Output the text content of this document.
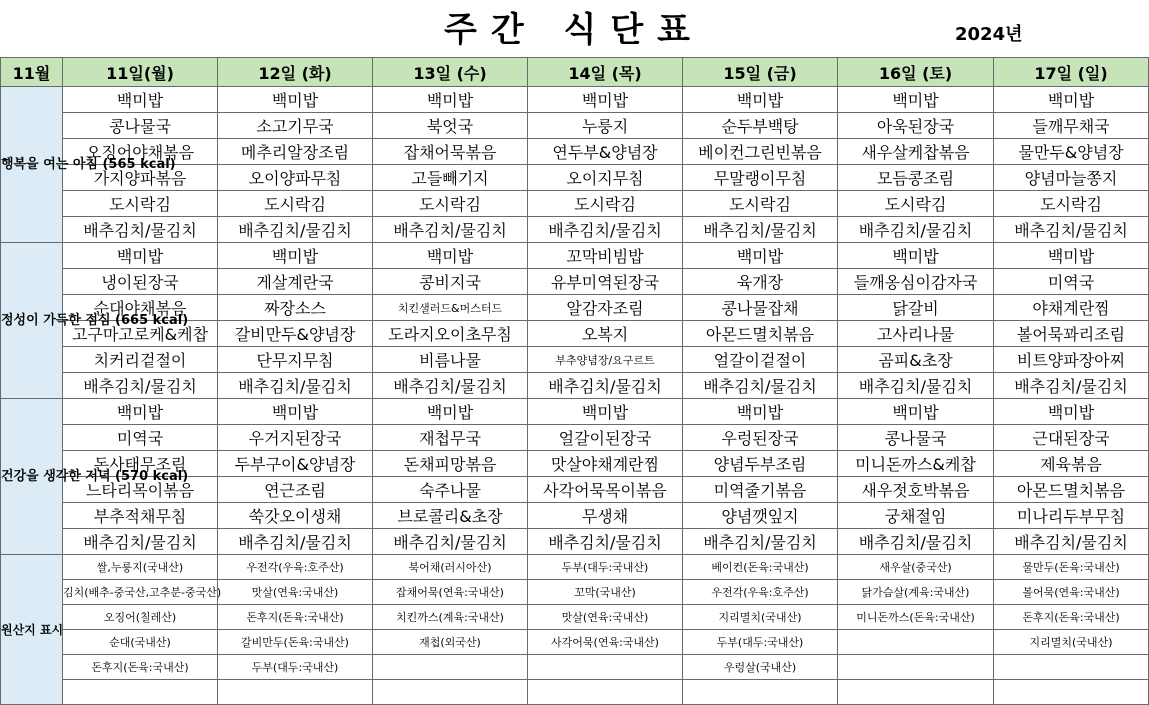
주간 식단표	2024년
11월	11일(월)	12일 (화)	13일 (수)	14일 (목)	15일 (금)	16일 (토)	17일 (일)
행복을 여는 아침 (565 kcal)	백미밥	백미밥	백미밥	백미밥	백미밥	백미밥	백미밥
	콩나물국	소고기무국	북엇국	누룽지	순두부백탕	아욱된장국	들깨무채국
	오징어야채볶음	메추리알장조림	잡채어묵볶음	연두부&양념장	베이컨그린빈볶음	새우살케찹볶음	물만두&양념장
	가지양파볶음	오이양파무침	고들빼기지	오이지무침	무말랭이무침	모듬콩조림	양념마늘쫑지
	도시락김	도시락김	도시락김	도시락김	도시락김	도시락김	도시락김
	배추김치/물김치	배추김치/물김치	배추김치/물김치	배추김치/물김치	배추김치/물김치	배추김치/물김치	배추김치/물김치
정성이 가득한 점심 (665 kcal)	백미밥	백미밥	백미밥	꼬막비빔밥	백미밥	백미밥	백미밥
	냉이된장국	게살계란국	콩비지국	유부미역된장국	육개장	들깨옹심이감자국	미역국
	순대야채볶음	짜장소스	치킨샐러드&머스터드	알감자조림	콩나물잡채	닭갈비	야채계란찜
	고구마고로케&케찹	갈비만두&양념장	도라지오이초무침	오복지	아몬드멸치볶음	고사리나물	볼어묵꽈리조림
	치커리겉절이	단무지무침	비름나물	부추양념장/요구르트	얼갈이겉절이	곰피&초장	비트양파장아찌
	배추김치/물김치	배추김치/물김치	배추김치/물김치	배추김치/물김치	배추김치/물김치	배추김치/물김치	배추김치/물김치
건강을 생각한 저녁 (570 kcal)	백미밥	백미밥	백미밥	백미밥	백미밥	백미밥	백미밥
	미역국	우거지된장국	재첩무국	얼갈이된장국	우렁된장국	콩나물국	근대된장국
	돈사태무조림	두부구이&양념장	돈채피망볶음	맛살야채계란찜	양념두부조림	미니돈까스&케찹	제육볶음
	느타리목이볶음	연근조림	숙주나물	사각어묵목이볶음	미역줄기볶음	새우젓호박볶음	아몬드멸치볶음
	부추적채무침	쑥갓오이생채	브로콜리&초장	무생채	양념깻잎지	궁채절임	미나리두부무침
	배추김치/물김치	배추김치/물김치	배추김치/물김치	배추김치/물김치	배추김치/물김치	배추김치/물김치	배추김치/물김치
원산지 표시	쌀,누룽지(국내산)	우전각(우육:호주산)	북어채(러시아산)	두부(대두:국내산)	베이컨(돈육:국내산)	새우살(중국산)	물만두(돈육:국내산)
	김치(배추-중국산,고추분-중국산)	맛살(연육:국내산)	잡채어묵(연육:국내산)	꼬막(국내산)	우전각(우육:호주산)	닭가슴살(계육:국내산)	볼어묵(연육:국내산)
	오징어(칠레산)	돈후지(돈육:국내산)	치킨까스(계육:국내산)	맛살(연육:국내산)	지리멸치(국내산)	미니돈까스(돈육:국내산)	돈후지(돈육:국내산)
	순대(국내산)	갈비만두(돈육:국내산)	재첩(외국산)	사각어묵(연육:국내산)	두부(대두:국내산)		지리멸치(국내산)
	돈후지(돈육:국내산)	두부(대두:국내산)			우렁살(국내산)		
